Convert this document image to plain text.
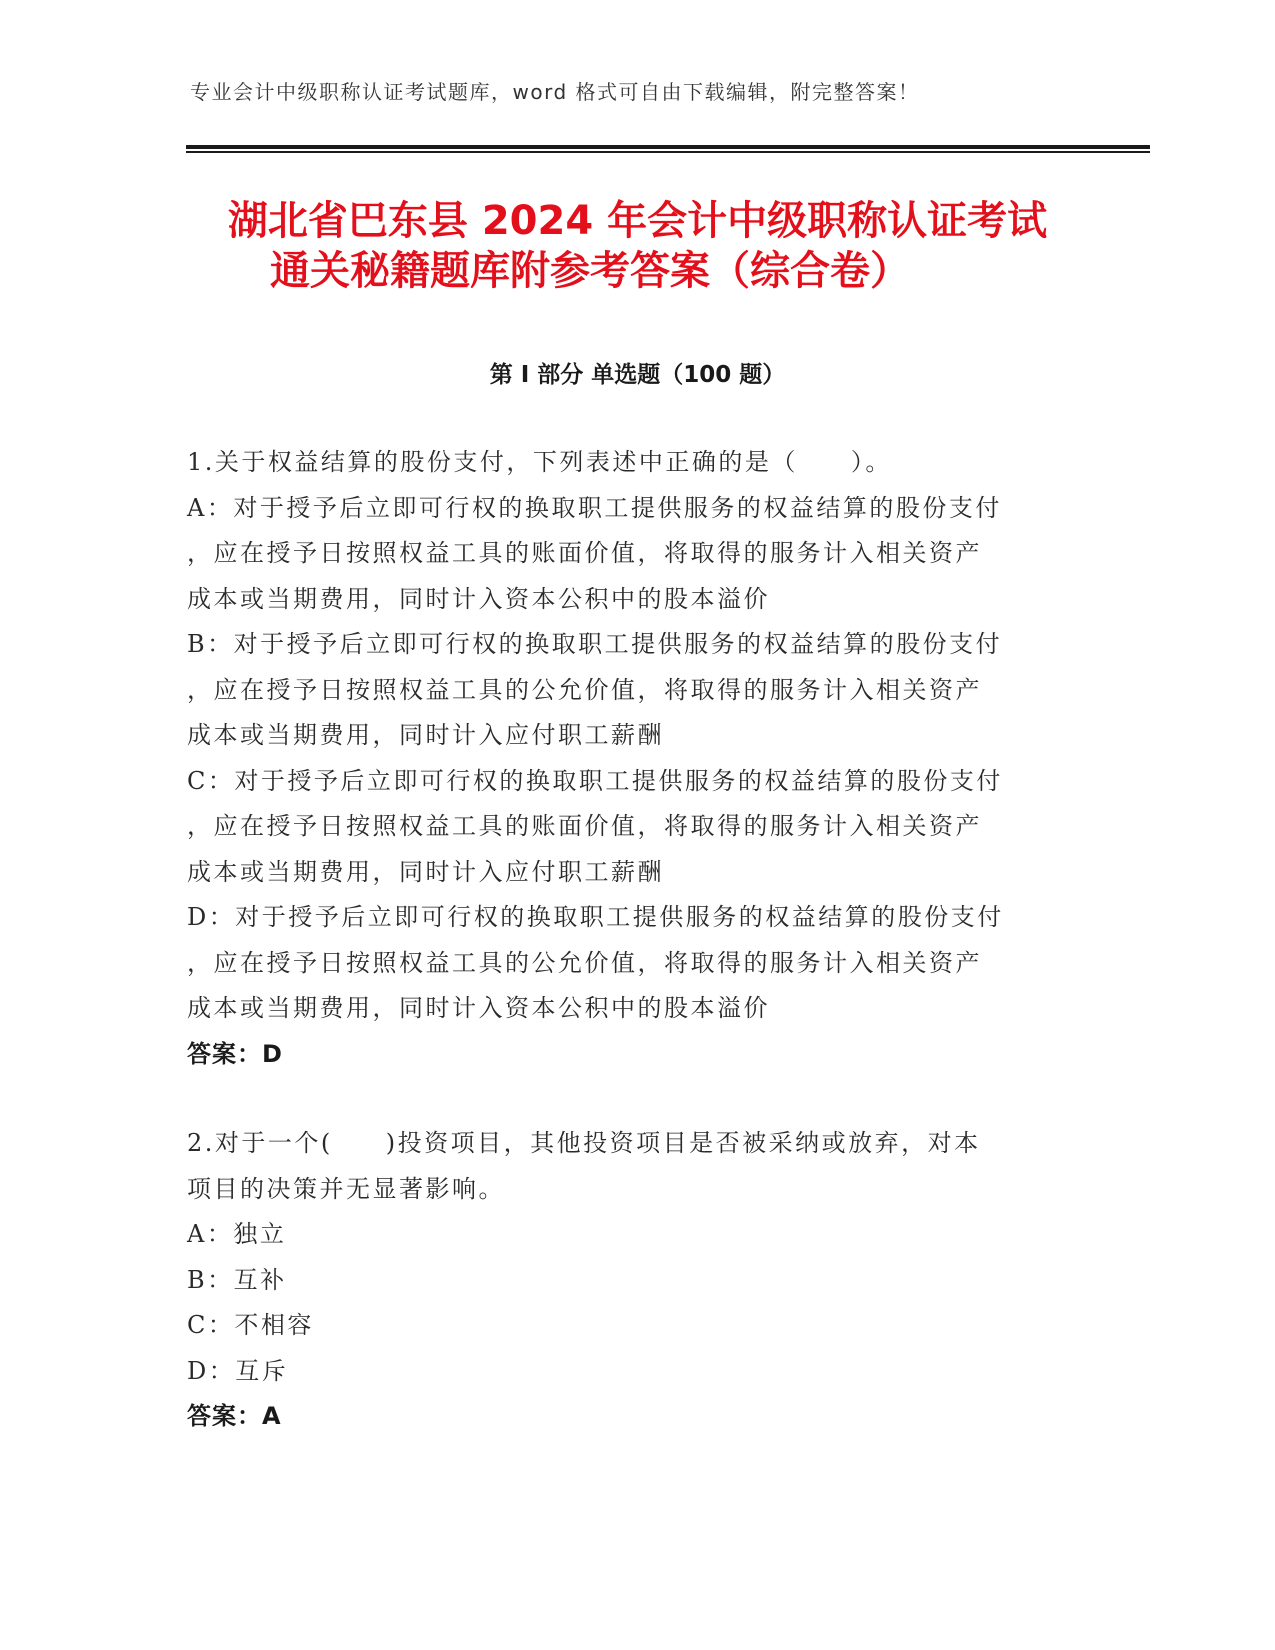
专业会计中级职称认证考试题库，word 格式可自由下载编辑，附完整答案！
湖北省巴东县 2024 年会计中级职称认证考试
通关秘籍题库附参考答案（综合卷）
第 I 部分 单选题（100 题）
1.关于权益结算的股份支付，下列表述中正确的是（　　）。
A：对于授予后立即可行权的换取职工提供服务的权益结算的股份支付
，应在授予日按照权益工具的账面价值，将取得的服务计入相关资产
成本或当期费用，同时计入资本公积中的股本溢价
B：对于授予后立即可行权的换取职工提供服务的权益结算的股份支付
，应在授予日按照权益工具的公允价值，将取得的服务计入相关资产
成本或当期费用，同时计入应付职工薪酬
C：对于授予后立即可行权的换取职工提供服务的权益结算的股份支付
，应在授予日按照权益工具的账面价值，将取得的服务计入相关资产
成本或当期费用，同时计入应付职工薪酬
D：对于授予后立即可行权的换取职工提供服务的权益结算的股份支付
，应在授予日按照权益工具的公允价值，将取得的服务计入相关资产
成本或当期费用，同时计入资本公积中的股本溢价
答案：D
2.对于一个(　　)投资项目，其他投资项目是否被采纳或放弃，对本
项目的决策并无显著影响。
A：独立
B：互补
C：不相容
D：互斥
答案：A
